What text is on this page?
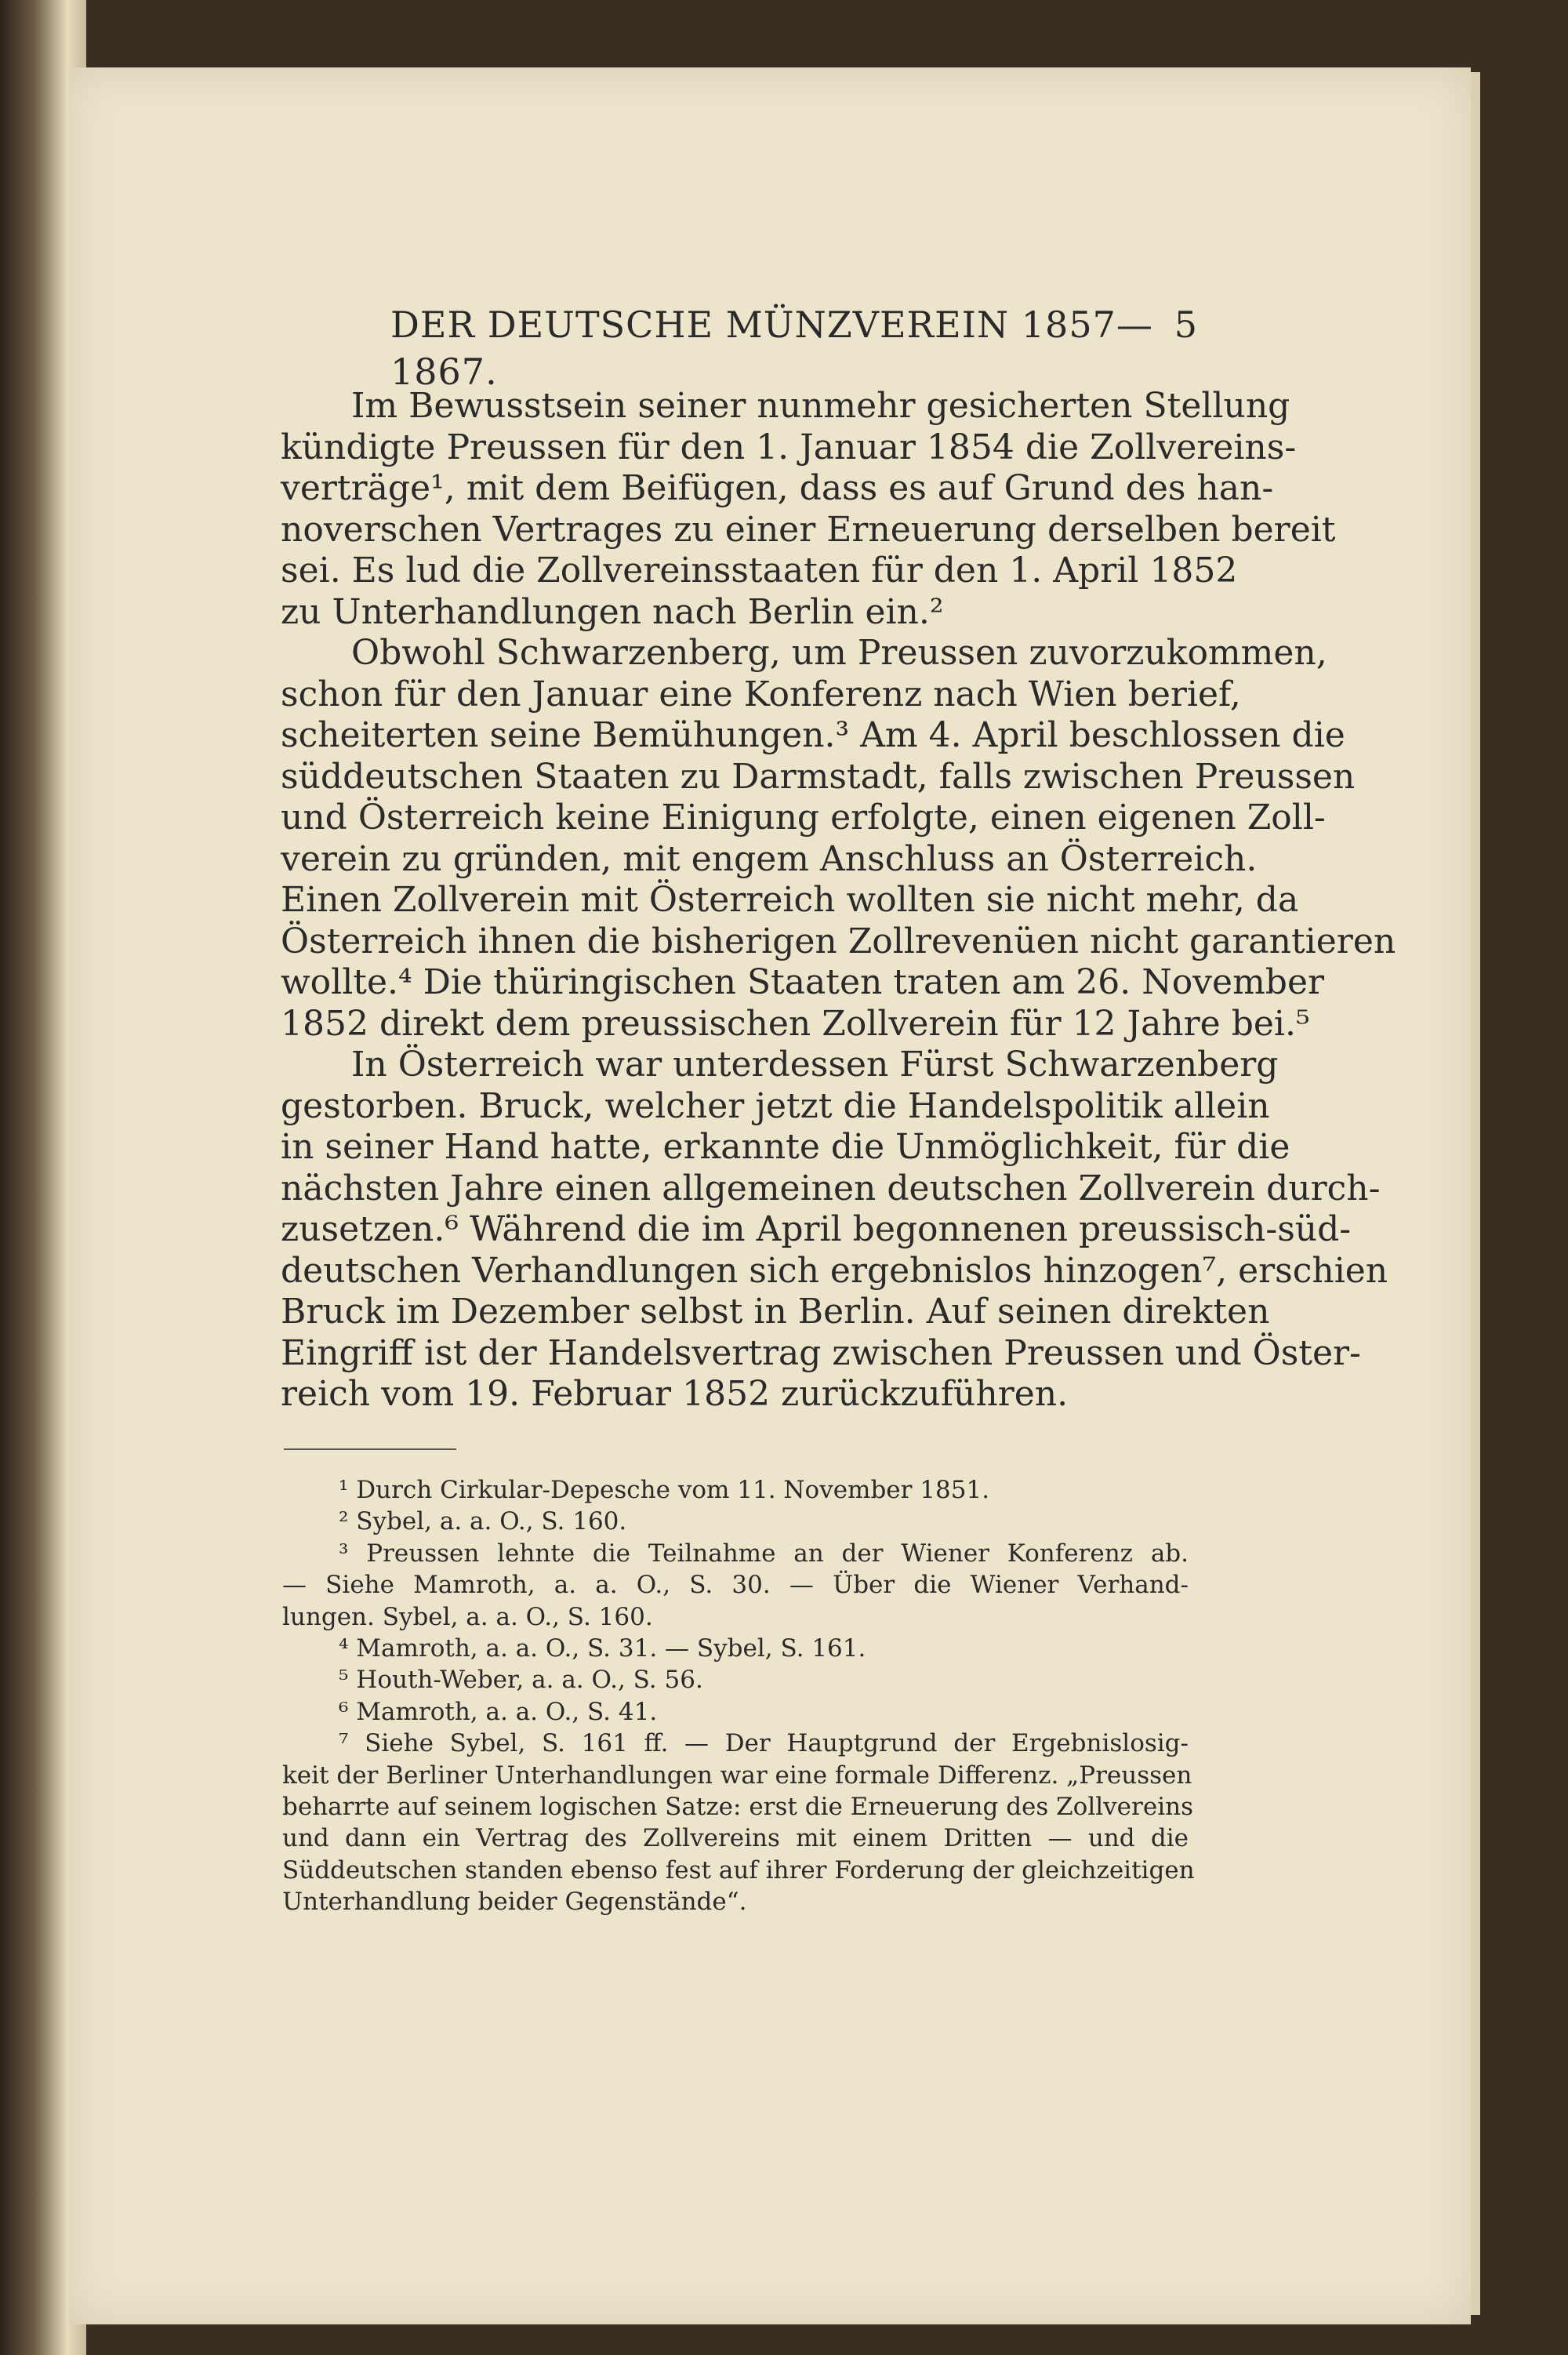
DER DEUTSCHE MÜNZVEREIN 1857—1867.
5
Im Bewusstsein seiner nunmehr gesicherten Stellung
kündigte Preussen für den 1. Januar 1854 die Zollvereins-
verträge¹, mit dem Beifügen, dass es auf Grund des han-
noverschen Vertrages zu einer Erneuerung derselben bereit
sei. Es lud die Zollvereinsstaaten für den 1. April 1852
zu Unterhandlungen nach Berlin ein.²
Obwohl Schwarzenberg, um Preussen zuvorzukommen,
schon für den Januar eine Konferenz nach Wien berief,
scheiterten seine Bemühungen.³ Am 4. April beschlossen die
süddeutschen Staaten zu Darmstadt, falls zwischen Preussen
und Österreich keine Einigung erfolgte, einen eigenen Zoll-
verein zu gründen, mit engem Anschluss an Österreich.
Einen Zollverein mit Österreich wollten sie nicht mehr, da
Österreich ihnen die bisherigen Zollrevenüen nicht garantieren
wollte.⁴ Die thüringischen Staaten traten am 26. November
1852 direkt dem preussischen Zollverein für 12 Jahre bei.⁵
In Österreich war unterdessen Fürst Schwarzenberg
gestorben. Bruck, welcher jetzt die Handelspolitik allein
in seiner Hand hatte, erkannte die Unmöglichkeit, für die
nächsten Jahre einen allgemeinen deutschen Zollverein durch-
zusetzen.⁶ Während die im April begonnenen preussisch-süd-
deutschen Verhandlungen sich ergebnislos hinzogen⁷, erschien
Bruck im Dezember selbst in Berlin. Auf seinen direkten
Eingriff ist der Handelsvertrag zwischen Preussen und Öster-
reich vom 19. Februar 1852 zurückzuführen.
¹ Durch Cirkular-Depesche vom 11. November 1851.
² Sybel, a. a. O., S. 160.
³ Preussen lehnte die Teilnahme an der Wiener Konferenz ab.
— Siehe Mamroth, a. a. O., S. 30. — Über die Wiener Verhand-
lungen. Sybel, a. a. O., S. 160.
⁴ Mamroth, a. a. O., S. 31. — Sybel, S. 161.
⁵ Houth-Weber, a. a. O., S. 56.
⁶ Mamroth, a. a. O., S. 41.
⁷ Siehe Sybel, S. 161 ff. — Der Hauptgrund der Ergebnislosig-
keit der Berliner Unterhandlungen war eine formale Differenz. „Preussen
beharrte auf seinem logischen Satze: erst die Erneuerung des Zollvereins
und dann ein Vertrag des Zollvereins mit einem Dritten — und die
Süddeutschen standen ebenso fest auf ihrer Forderung der gleichzeitigen
Unterhandlung beider Gegenstände“.
